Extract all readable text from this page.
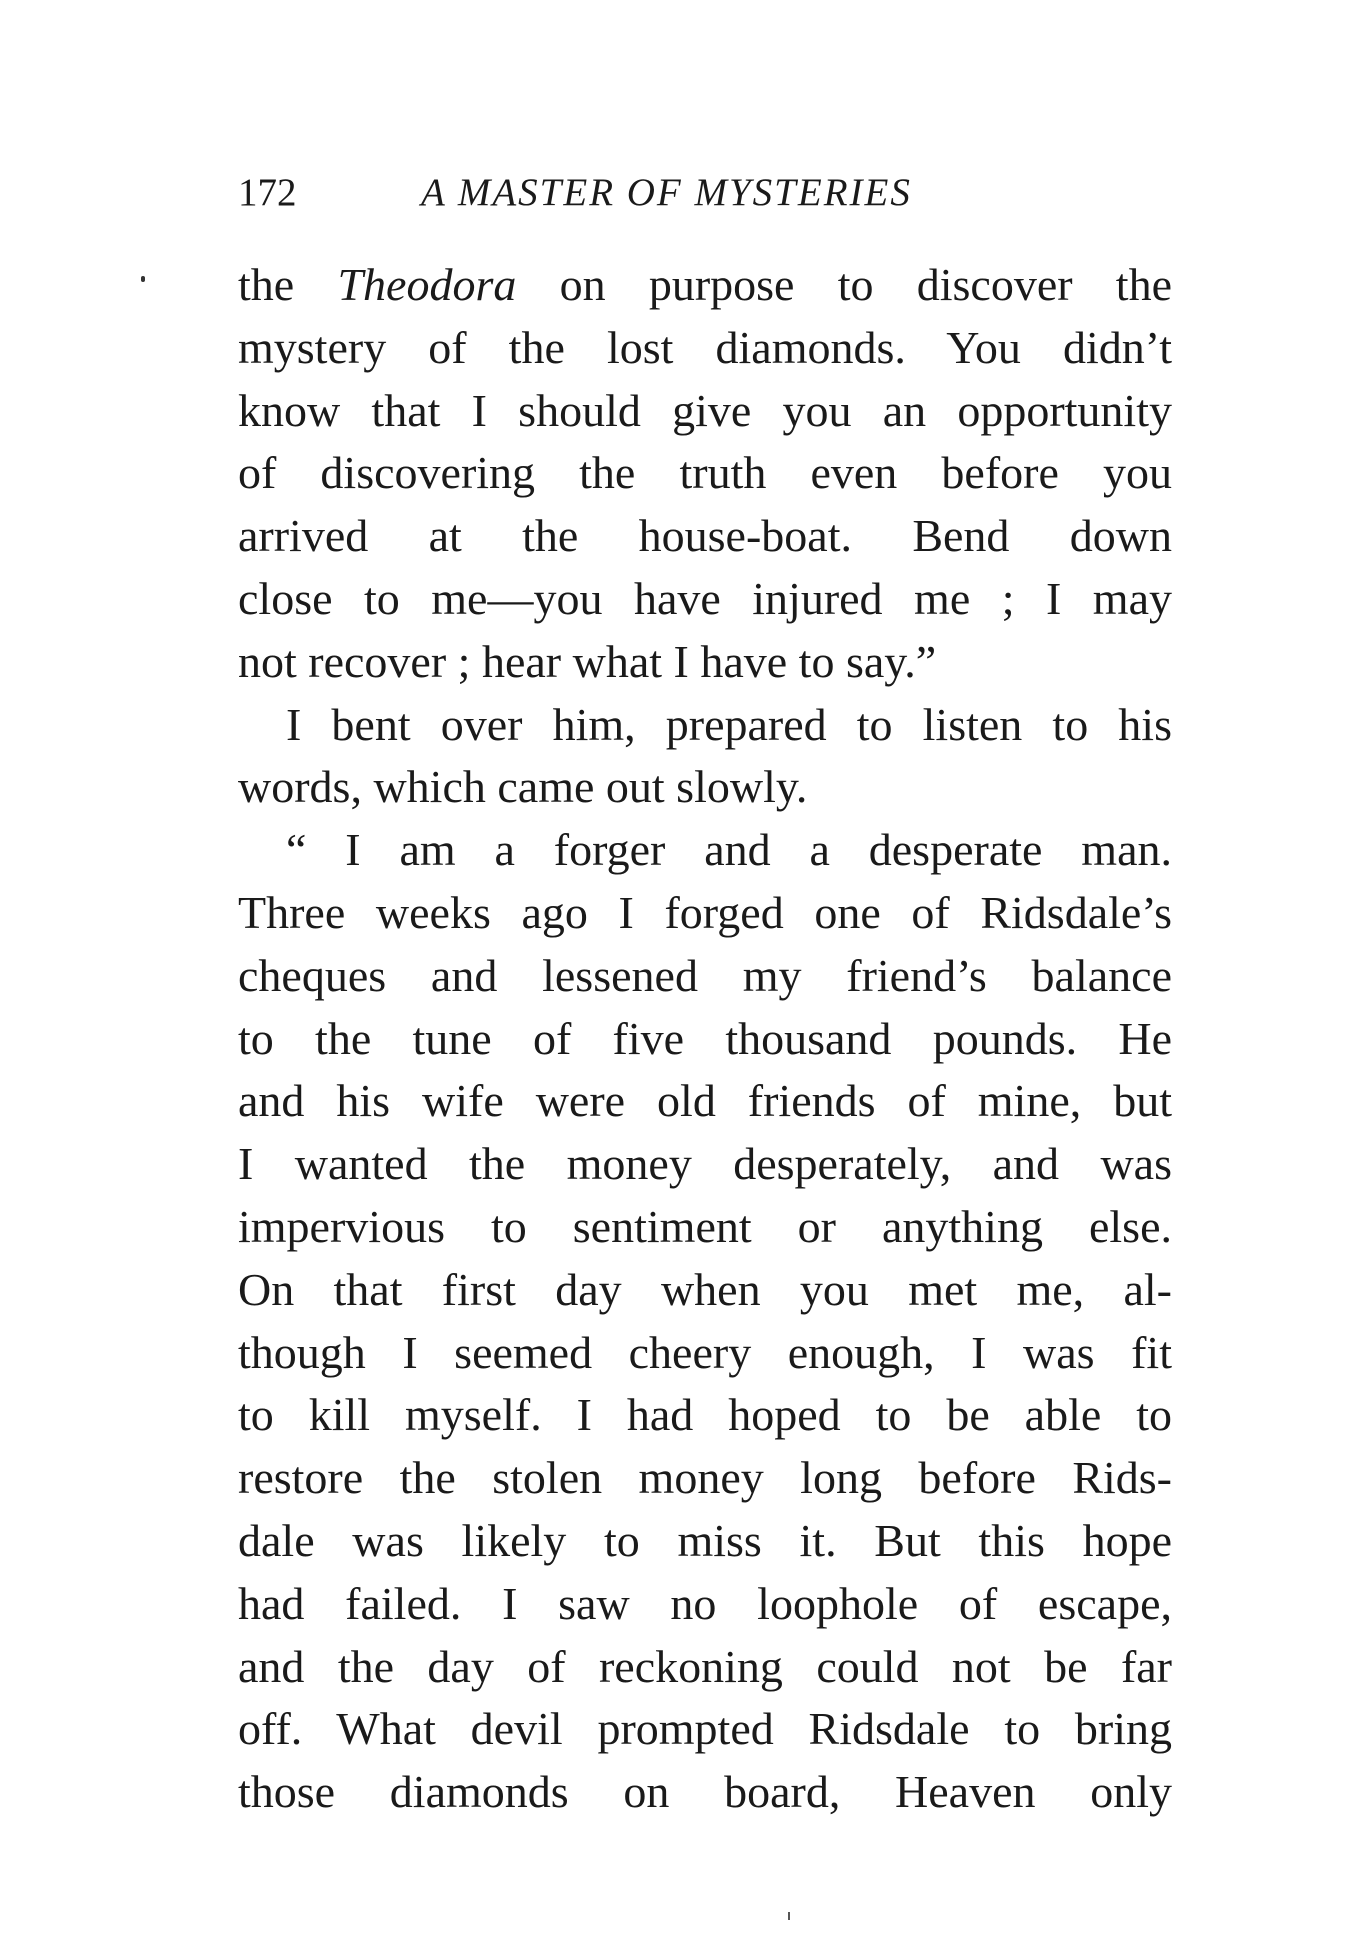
172	A MASTER OF MYSTERIES
the Theodora on purpose to discover the
mystery of the lost diamonds. You didn’t
know that I should give you an opportunity
of discovering the truth even before you
arrived at the house-boat. Bend down
close to me—you have injured me ; I may
not recover ; hear what I have to say.”
I bent over him, prepared to listen to his
words, which came out slowly.
“ I am a forger and a desperate man.
Three weeks ago I forged one of Ridsdale’s
cheques and lessened my friend’s balance
to the tune of five thousand pounds. He
and his wife were old friends of mine, but
I wanted the money desperately, and was
impervious to sentiment or anything else.
On that first day when you met me, al-
though I seemed cheery enough, I was fit
to kill myself. I had hoped to be able to
restore the stolen money long before Rids-
dale was likely to miss it. But this hope
had failed. I saw no loophole of escape,
and the day of reckoning could not be far
off. What devil prompted Ridsdale to bring
those diamonds on board, Heaven only
